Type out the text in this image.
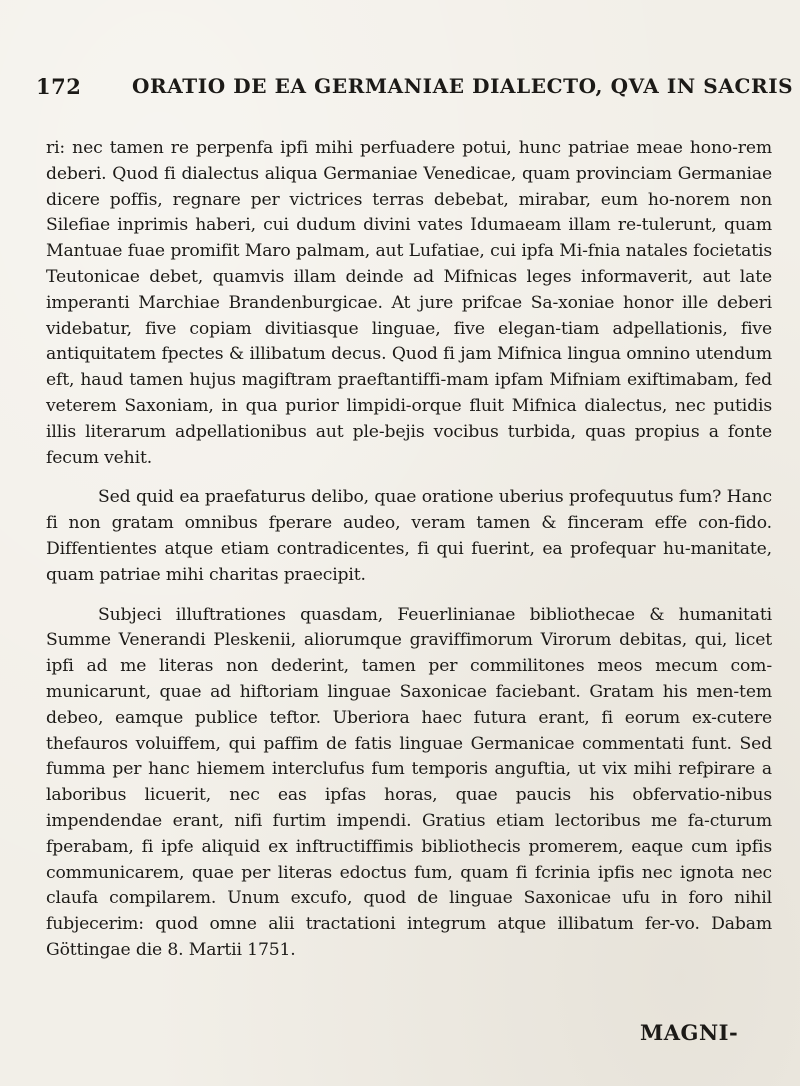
172	ORATIO DE EA GERMANIAE DIALECTO, QVA IN SACRIS

ri: nec tamen re perpenfa ipfi mihi perfuadere potui, hunc patriae meae hono-rem deberi. Quod fi dialectus aliqua Germaniae Venedicae, quam provinciam Germaniae dicere poffis, regnare per victrices terras debebat, mirabar, eum ho-norem non Silefiae inprimis haberi, cui dudum divini vates Idumaeam illam re-tulerunt, quam Mantuae fuae promifit Maro palmam, aut Lufatiae, cui ipfa Mi-fnia natales focietatis Teutonicae debet, quamvis illam deinde ad Mifnicas leges informaverit, aut late imperanti Marchiae Brandenburgicae. At jure prifcae Sa-xoniae honor ille deberi videbatur, five copiam divitiasque linguae, five elegan-tiam adpellationis, five antiquitatem fpectes & illibatum decus. Quod fi jam Mifnica lingua omnino utendum eft, haud tamen hujus magiftram praeftantiffi-mam ipfam Mifniam exiftimabam, fed veterem Saxoniam, in qua purior limpidi-orque fluit Mifnica dialectus, nec putidis illis literarum adpellationibus aut ple-bejis vocibus turbida, quas propius a fonte fecum vehit.

Sed quid ea praefaturus delibo, quae oratione uberius profequutus fum? Hanc fi non gratam omnibus fperare audeo, veram tamen & finceram effe con-fido. Diffentientes atque etiam contradicentes, fi qui fuerint, ea profequar hu-manitate, quam patriae mihi charitas praecipit.

Subjeci illuftrationes quasdam, Feuerlinianae bibliothecae & humanitati Summe Venerandi Pleskenii, aliorumque graviffimorum Virorum debitas, qui, licet ipfi ad me literas non dederint, tamen per commilitones meos mecum com-municarunt, quae ad hiftoriam linguae Saxonicae faciebant. Gratam his men-tem debeo, eamque publice teftor. Uberiora haec futura erant, fi eorum ex-cutere thefauros voluiffem, qui paffim de fatis linguae Germanicae commentati funt. Sed fumma per hanc hiemem interclufus fum temporis anguftia, ut vix mihi refpirare a laboribus licuerit, nec eas ipfas horas, quae paucis his obfervatio-nibus impendendae erant, nifi furtim impendi. Gratius etiam lectoribus me fa-cturum fperabam, fi ipfe aliquid ex inftructiffimis bibliothecis promerem, eaque cum ipfis communicarem, quae per literas edoctus fum, quam fi fcrinia ipfis nec ignota nec claufa compilarem. Unum excufo, quod de linguae Saxonicae ufu in foro nihil fubjecerim: quod omne alii tractationi integrum atque illibatum fer-vo. Dabam Göttingae die 8. Martii 1751.

MAGNI-
